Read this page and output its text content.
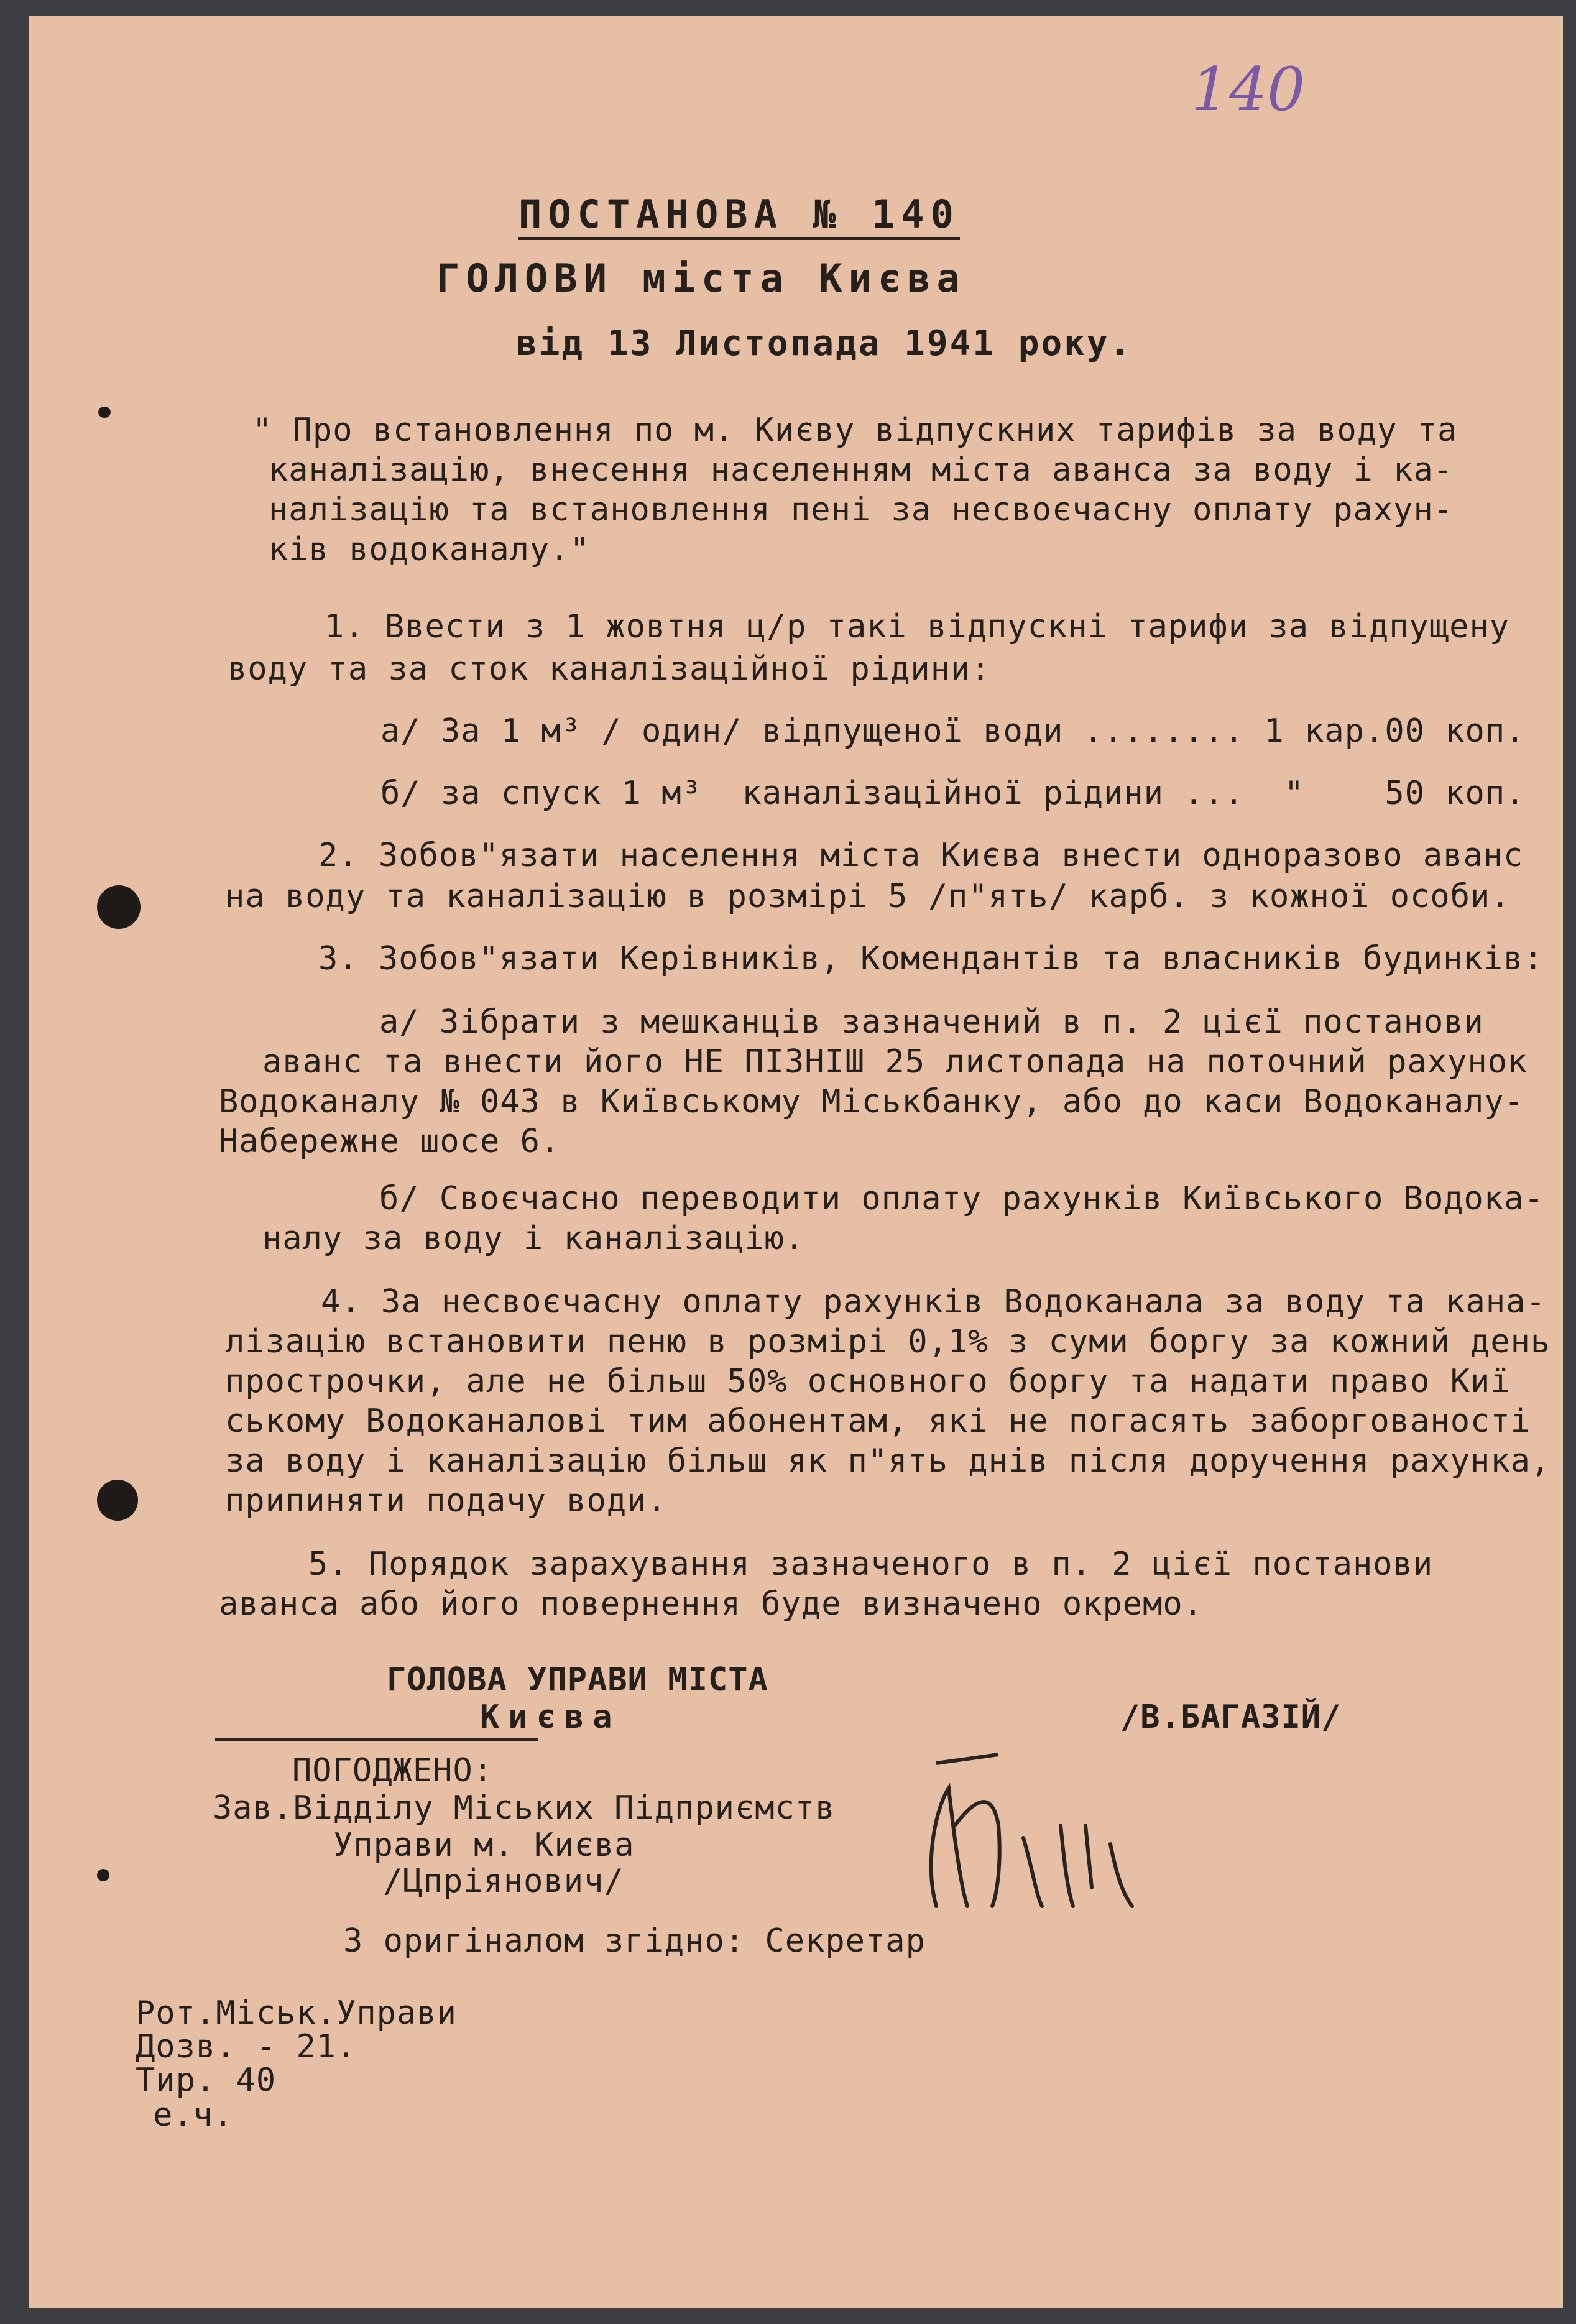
140
ПОСТАНОВА № 140
ГОЛОВИ міста Києва
від 13 Листопада 1941 року.
" Про встановлення по м. Києву відпускних тарифів за воду та
каналізацію, внесення населенням міста аванса за воду і ка-
налізацію та встановлення пені за несвоєчасну оплату рахун-
ків водоканалу."
1. Ввести з 1 жовтня ц/р такі відпускні тарифи за відпущену
воду та за сток каналізаційної рідини:
а/ За 1 м³ / один/ відпущеної води ........ 1 кар.00 коп.
б/ за спуск 1 м³  каналізаційної рідини ...  "    50 коп.
2. Зобов"язати населення міста Києва внести одноразово аванс
на воду та каналізацію в розмірі 5 /п"ять/ карб. з кожної особи.
3. Зобов"язати Керівників, Комендантів та власників будинків:
а/ Зібрати з мешканців зазначений в п. 2 цієї постанови
аванс та внести його НЕ ПІЗНІШ 25 листопада на поточний рахунок
Водоканалу № 043 в Київському Міськбанку, або до каси Водоканалу-
Набережне шосе 6.
б/ Своєчасно переводити оплату рахунків Київського Водока-
налу за воду і каналізацію.
4. За несвоєчасну оплату рахунків Водоканала за воду та кана-
лізацію встановити пеню в розмірі 0,1% з суми боргу за кожний день
прострочки, але не більш 50% основного боргу та надати право Киї
ському Водоканалові тим абонентам, які не погасять заборгованості
за воду і каналізацію більш як п"ять днів після доручення рахунка,
припиняти подачу води.
5. Порядок зарахування зазначеного в п. 2 цієї постанови
аванса або його повернення буде визначено окремо.
ГОЛОВА УПРАВИ МІСТА
Києва	/В.БАГАЗІЙ/
ПОГОДЖЕНО:
Зав.Відділу Міських Підприємств
Управи м. Києва
/Цпріянович/
З оригіналом згідно: Секретар
Рот.Міськ.Управи
Дозв. - 21.
Тир. 40
е.ч.
